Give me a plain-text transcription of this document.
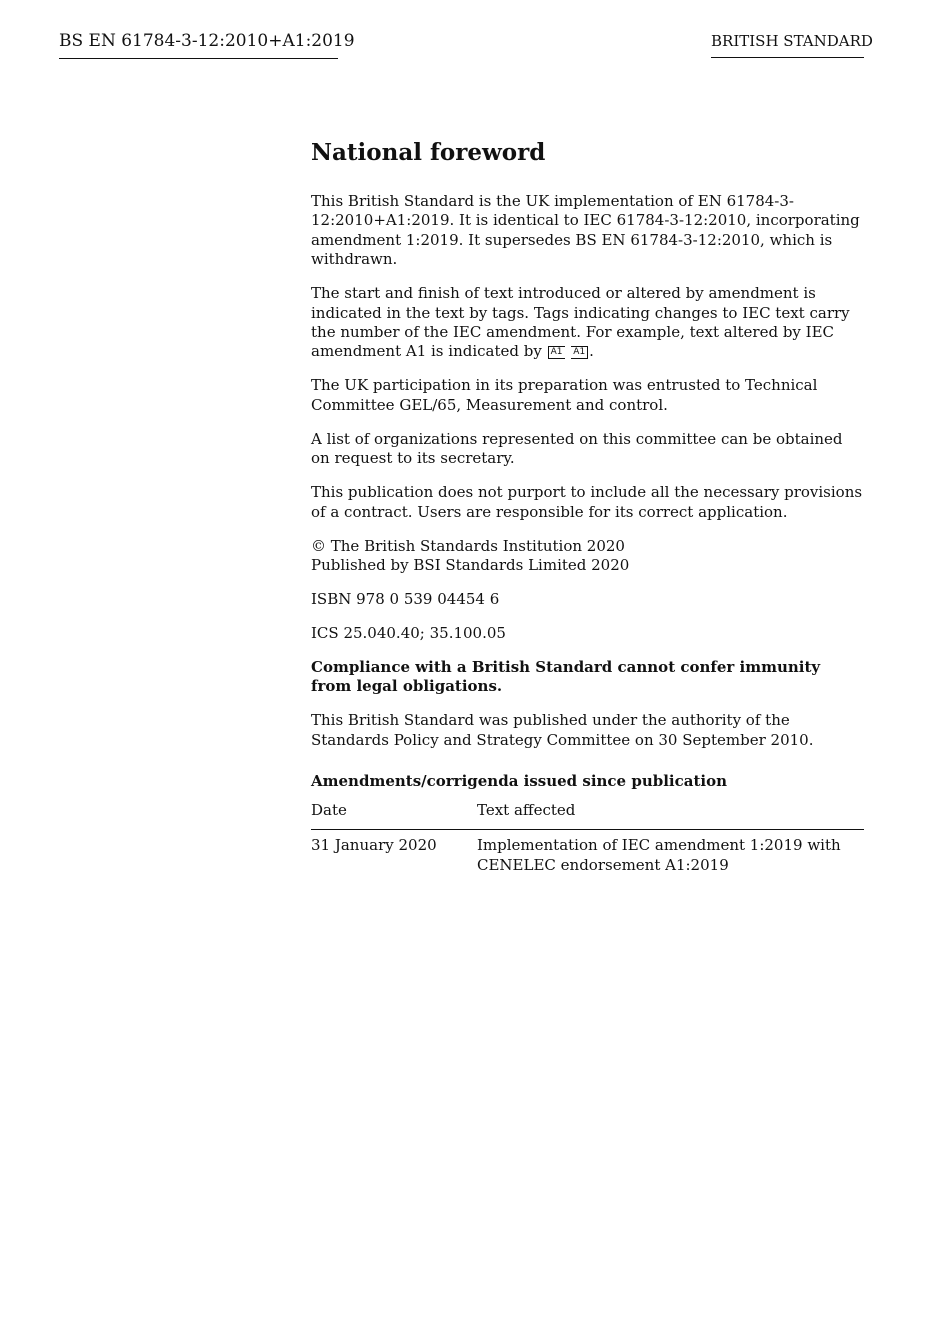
BS EN 61784-3-12:2010+A1:2019	BRITISH STANDARD
National foreword

This British Standard is the UK implementation of EN 61784-3-12:2010+A1:2019. It is identical to IEC 61784-3-12:2010, incorporating amendment 1:2019. It supersedes BS EN 61784-3-12:2010, which is withdrawn.

The start and finish of text introduced or altered by amendment is indicated in the text by tags. Tags indicating changes to IEC text carry the number of the IEC amendment. For example, text altered by IEC amendment A1 is indicated by A1 A1 .

The UK participation in its preparation was entrusted to Technical Committee GEL/65, Measurement and control.

A list of organizations represented on this committee can be obtained on request to its secretary.

This publication does not purport to include all the necessary provisions of a contract. Users are responsible for its correct application.

© The British Standards Institution 2020
Published by BSI Standards Limited 2020

ISBN 978 0 539 04454 6

ICS 25.040.40; 35.100.05

Compliance with a British Standard cannot confer immunity from legal obligations.

This British Standard was published under the authority of the Standards Policy and Strategy Committee on 30 September 2010.

Amendments/corrigenda issued since publication
Date	Text affected
31 January 2020	Implementation of IEC amendment 1:2019 with CENELEC endorsement A1:2019
